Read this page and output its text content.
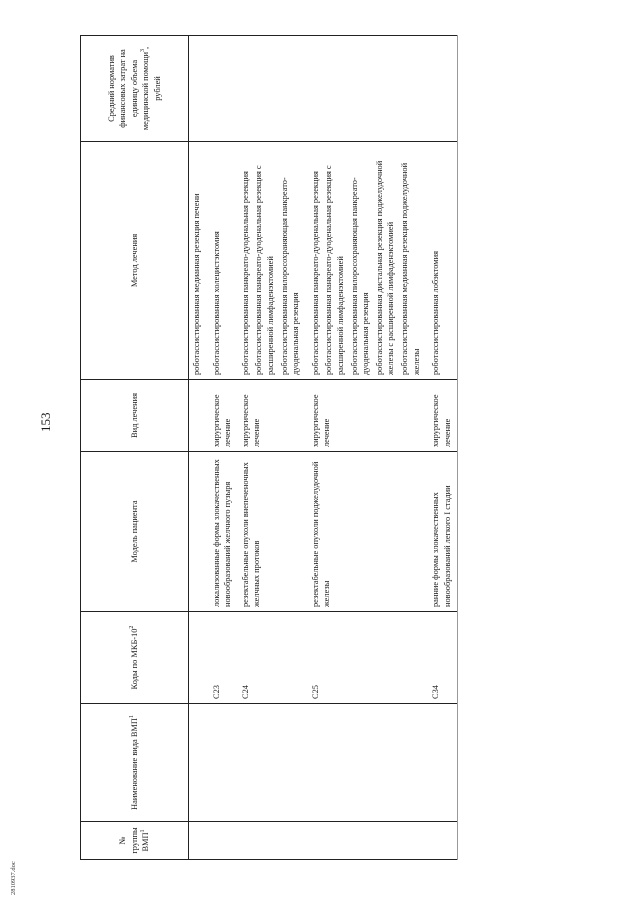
153
2810937.doc
№ группы ВМП$^1$	Наименование вида ВМП$^1$	Коды по МКБ-$10^2$	Модель пациента	Вид лечения	Метод лечения	Средний норматив финансовых затрат на единицу объема медицинской помощи$^3$, рублей

					роботассистированная медианная резекция печени	

		C23	локализованные формы злокачественных новообразований желчного пузыря	хирургическое лечение	роботассистированная холецистэктомия	

		C24	резектабельные опухоли внепеченочных желчных протоков	хирургическое лечение	роботассистированная панкреато-дуоденальная резекция роботассистированная панкреато-дуоденальная резекция с расширенной лимфаденэктомией роботассистированная пилоросохраняющая панкреато-дуоденальная резекция	

		C25	резектабельные опухоли поджелудочной железы	хирургическое лечение	роботассистированная панкреато-дуоденальная резекция роботассистированная панкреато-дуоденальная резекция с расширенной лимфаденэктомией роботассистированная пилоросохраняющая панкреато-дуоденальная резекция роботассистированная дистальная резекция поджелудочной железы с расширенной лимфаденэктомией роботассистированная медианная резекция поджелудочной железы	

		C34	ранние формы злокачественных новообразований легкого I стадии	хирургическое лечение	роботассистированная лобэктомия	
